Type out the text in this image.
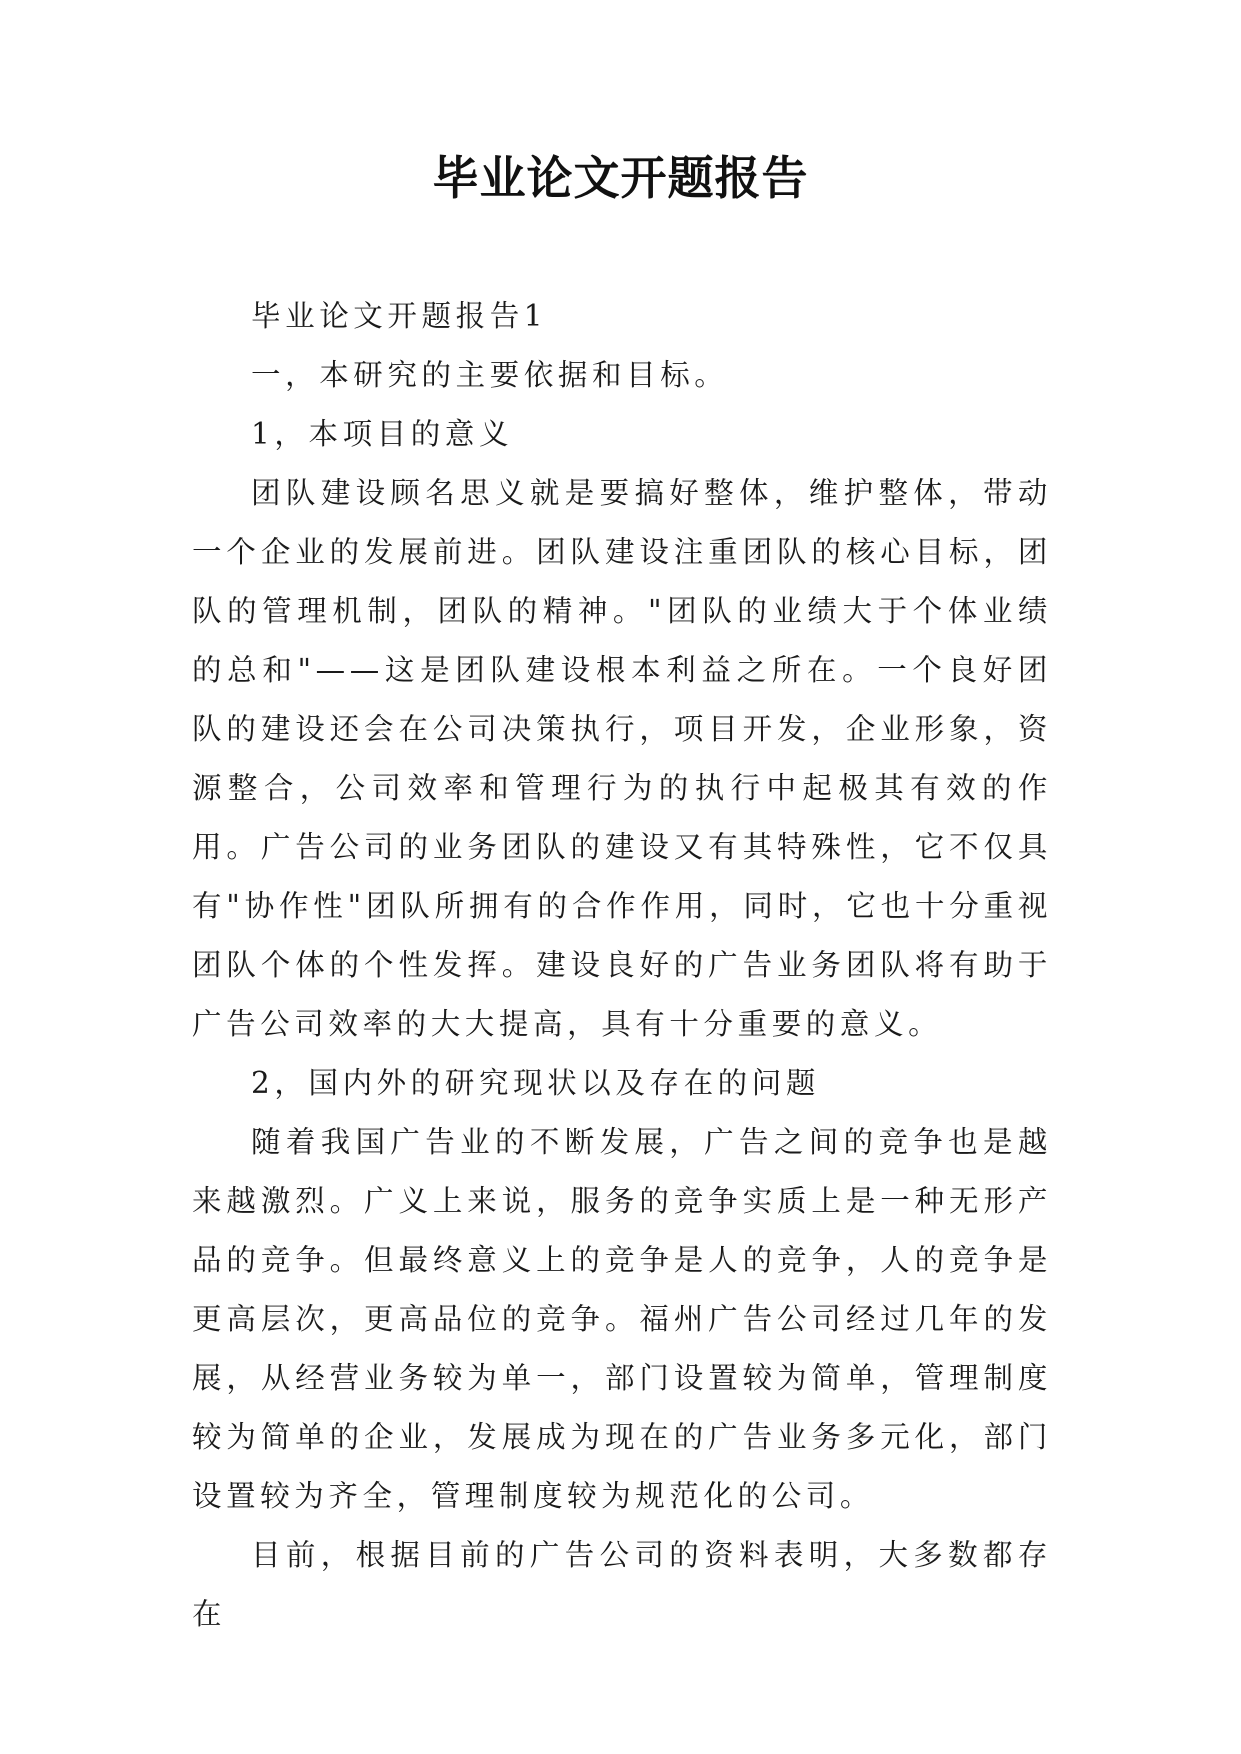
毕业论文开题报告

毕业论文开题报告1

一，本研究的主要依据和目标。

1，本项目的意义

团队建设顾名思义就是要搞好整体，维护整体，带动一个企业的发展前进。团队建设注重团队的核心目标，团队的管理机制，团队的精神。"团队的业绩大于个体业绩的总和"——这是团队建设根本利益之所在。一个良好团队的建设还会在公司决策执行，项目开发，企业形象，资源整合，公司效率和管理行为的执行中起极其有效的作用。广告公司的业务团队的建设又有其特殊性，它不仅具有"协作性"团队所拥有的合作作用，同时，它也十分重视团队个体的个性发挥。建设良好的广告业务团队将有助于广告公司效率的大大提高，具有十分重要的意义。

2，国内外的研究现状以及存在的问题

随着我国广告业的不断发展，广告之间的竞争也是越来越激烈。广义上来说，服务的竞争实质上是一种无形产品的竞争。但最终意义上的竞争是人的竞争，人的竞争是更高层次，更高品位的竞争。福州广告公司经过几年的发展，从经营业务较为单一，部门设置较为简单，管理制度较为简单的企业，发展成为现在的广告业务多元化，部门设置较为齐全，管理制度较为规范化的公司。

目前，根据目前的广告公司的资料表明，大多数都存在
